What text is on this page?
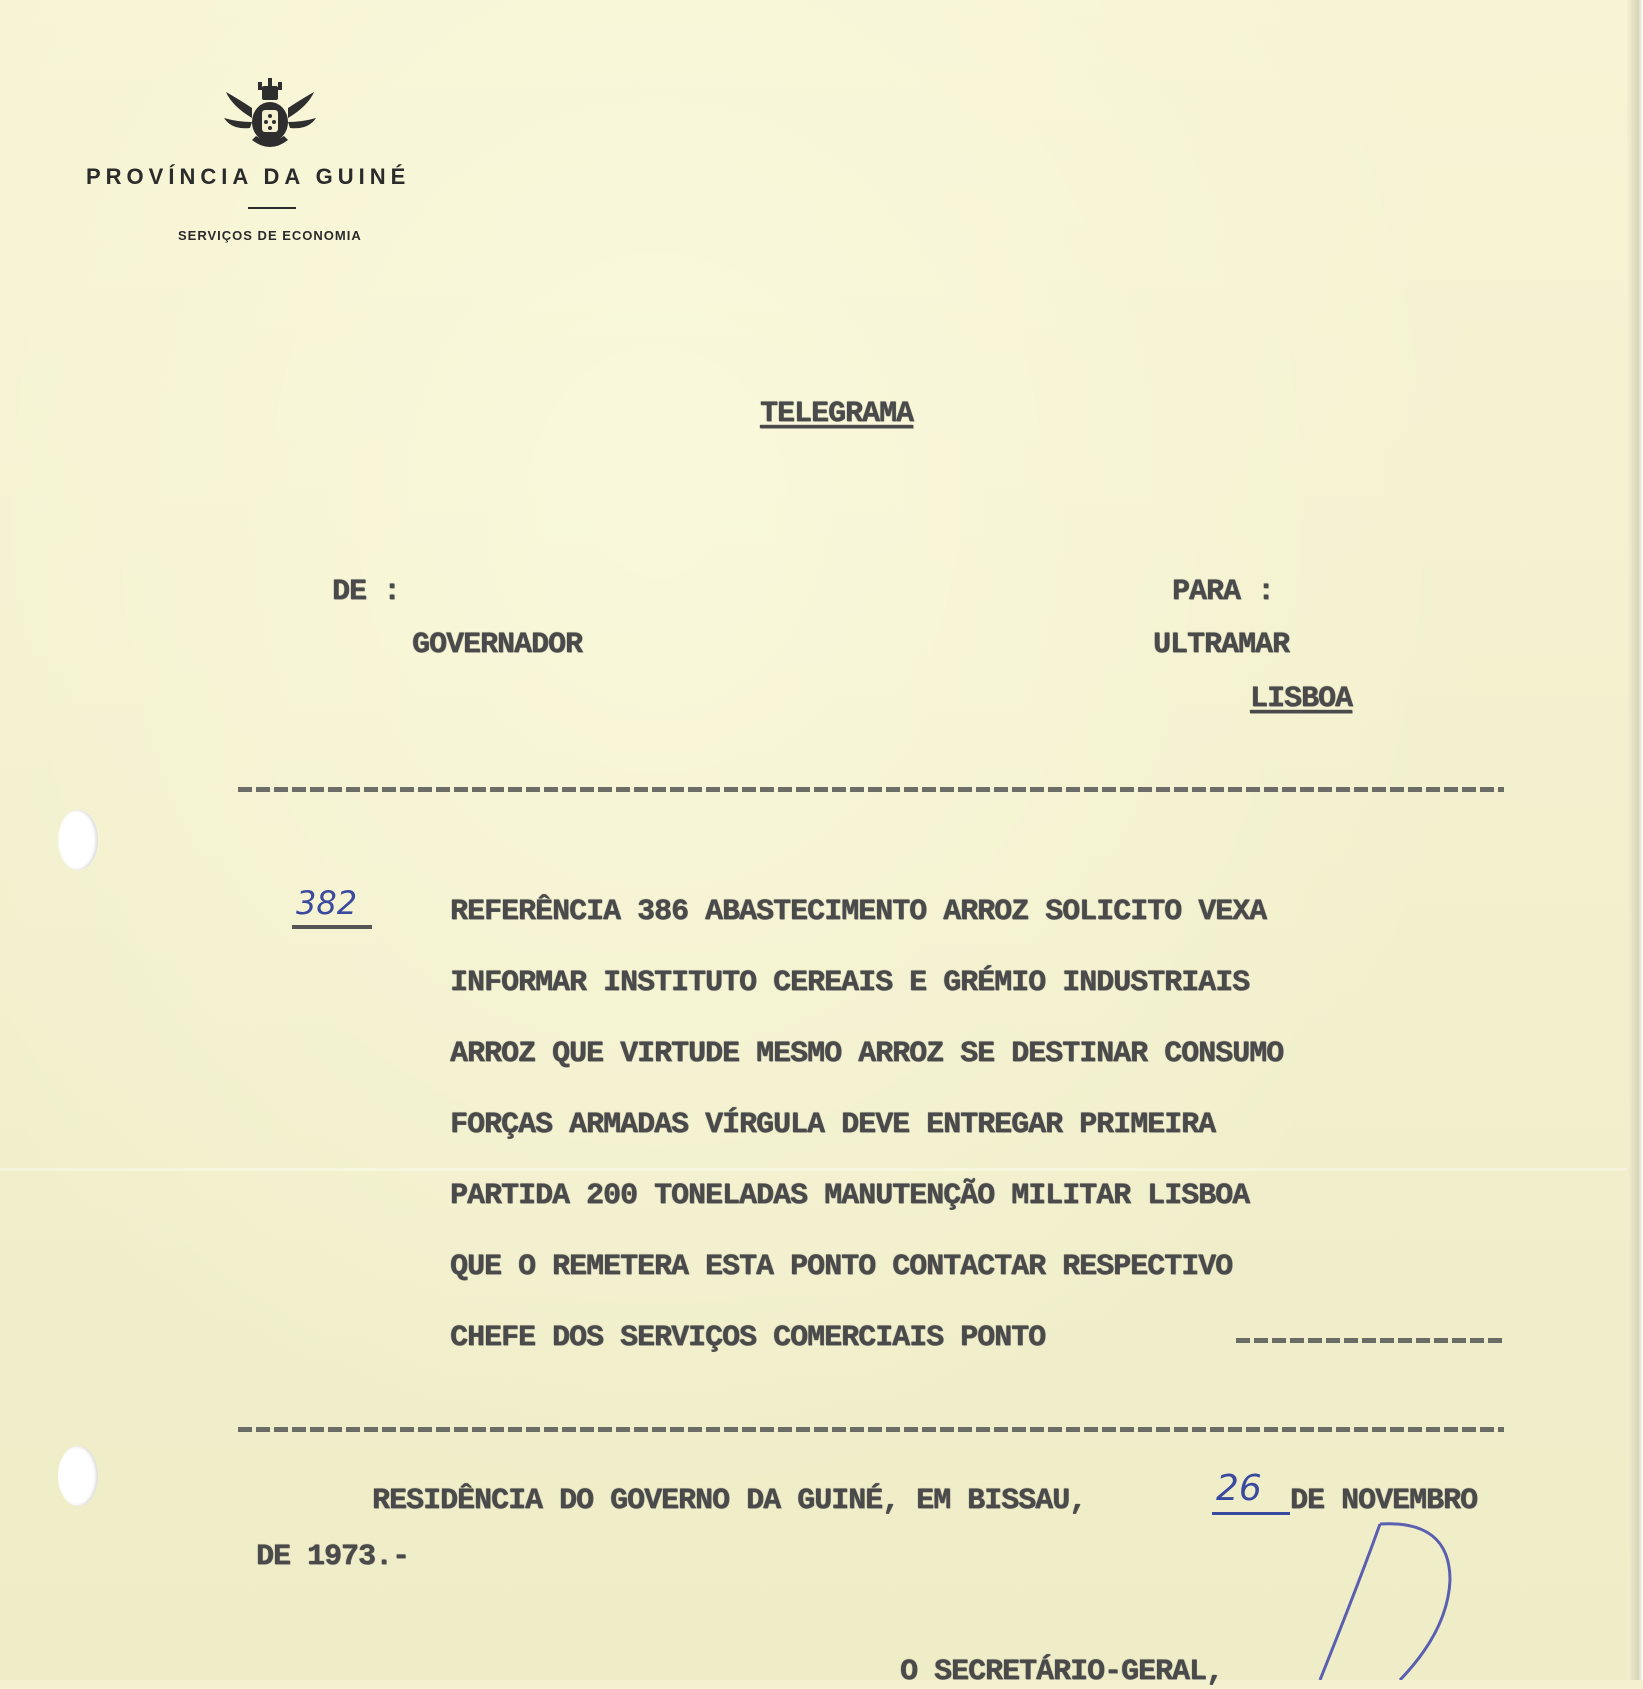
PROVÍNCIA DA GUINÉ
SERVIÇOS DE ECONOMIA
TELEGRAMA
DE :
GOVERNADOR
PARA :
ULTRAMAR
LISBOA
382	REFERÊNCIA 386 ABASTECIMENTO ARROZ SOLICITO VEXA
INFORMAR INSTITUTO CEREAIS E GRÉMIO INDUSTRIAIS
ARROZ QUE VIRTUDE MESMO ARROZ SE DESTINAR CONSUMO
FORÇAS ARMADAS VÍRGULA DEVE ENTREGAR PRIMEIRA
PARTIDA 200 TONELADAS MANUTENÇÃO MILITAR LISBOA
QUE O REMETERA ESTA PONTO CONTACTAR RESPECTIVO
CHEFE DOS SERVIÇOS COMERCIAIS PONTO
RESIDÊNCIA DO GOVERNO DA GUINÉ, EM BISSAU,	26 DE NOVEMBRO
DE 1973.-
O SECRETÁRIO-GERAL,
